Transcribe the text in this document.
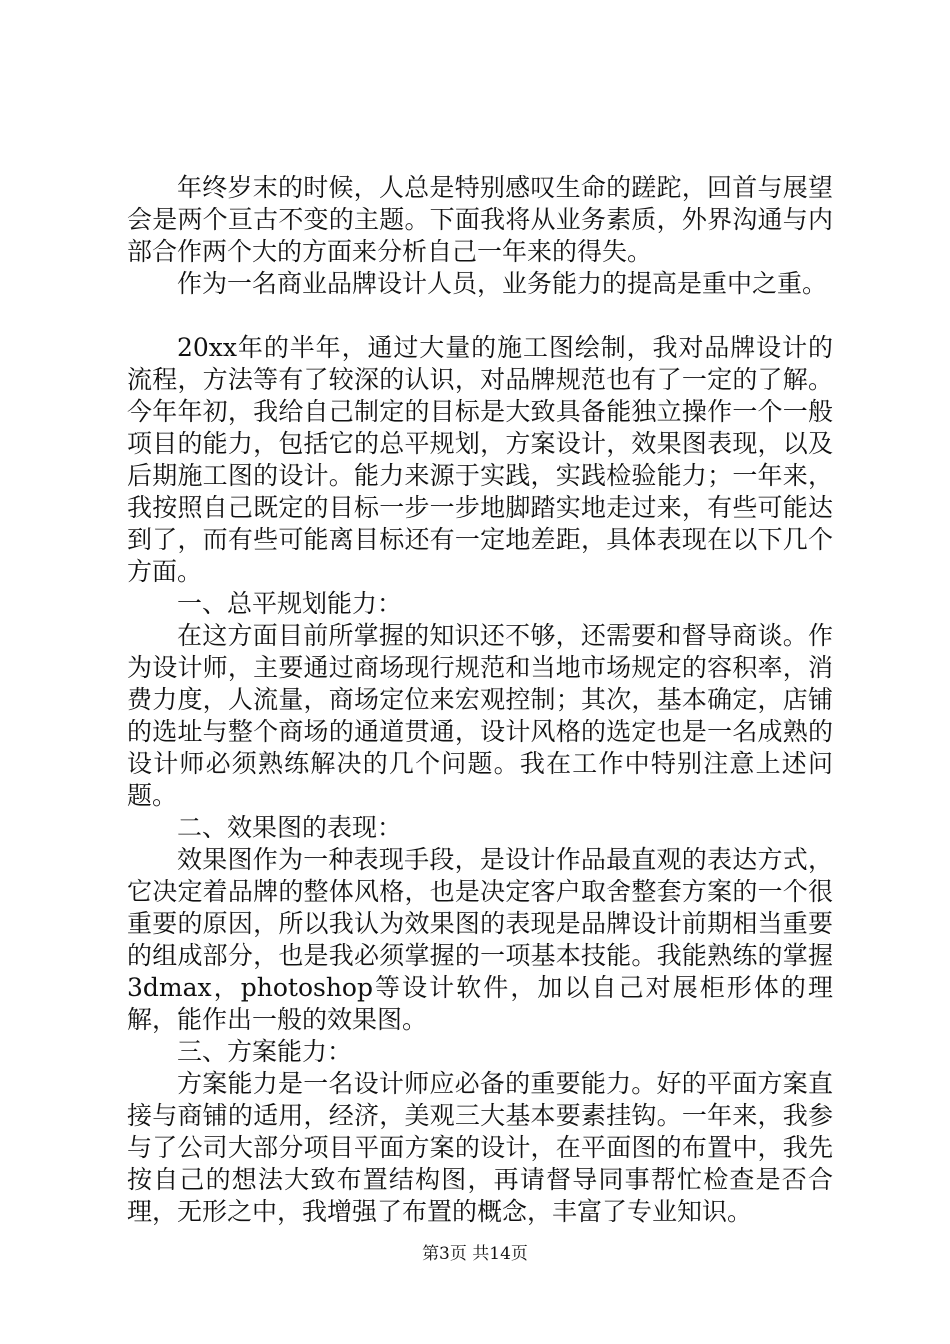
年终岁末的时候，人总是特别感叹生命的蹉跎，回首与展望会是两个亘古不变的主题。下面我将从业务素质，外界沟通与内部合作两个大的方面来分析自己一年来的得失。

作为一名商业品牌设计人员，业务能力的提高是重中之重。

20xx年的半年，通过大量的施工图绘制，我对品牌设计的流程，方法等有了较深的认识，对品牌规范也有了一定的了解。今年年初，我给自己制定的目标是大致具备能独立操作一个一般项目的能力，包括它的总平规划，方案设计，效果图表现，以及后期施工图的设计。能力来源于实践，实践检验能力；一年来，我按照自己既定的目标一步一步地脚踏实地走过来，有些可能达到了，而有些可能离目标还有一定地差距，具体表现在以下几个方面。

一、总平规划能力：

在这方面目前所掌握的知识还不够，还需要和督导商谈。作为设计师，主要通过商场现行规范和当地市场规定的容积率，消费力度，人流量，商场定位来宏观控制；其次，基本确定，店铺的选址与整个商场的通道贯通，设计风格的选定也是一名成熟的设计师必须熟练解决的几个问题。我在工作中特别注意上述问题。

二、效果图的表现：

效果图作为一种表现手段，是设计作品最直观的表达方式，它决定着品牌的整体风格，也是决定客户取舍整套方案的一个很重要的原因，所以我认为效果图的表现是品牌设计前期相当重要的组成部分，也是我必须掌握的一项基本技能。我能熟练的掌握3dmax，photoshop等设计软件，加以自己对展柜形体的理解，能作出一般的效果图。

三、方案能力：

方案能力是一名设计师应必备的重要能力。好的平面方案直接与商铺的适用，经济，美观三大基本要素挂钩。一年来，我参与了公司大部分项目平面方案的设计，在平面图的布置中，我先按自己的想法大致布置结构图，再请督导同事帮忙检查是否合理，无形之中，我增强了布置的概念，丰富了专业知识。

第3页 共14页
